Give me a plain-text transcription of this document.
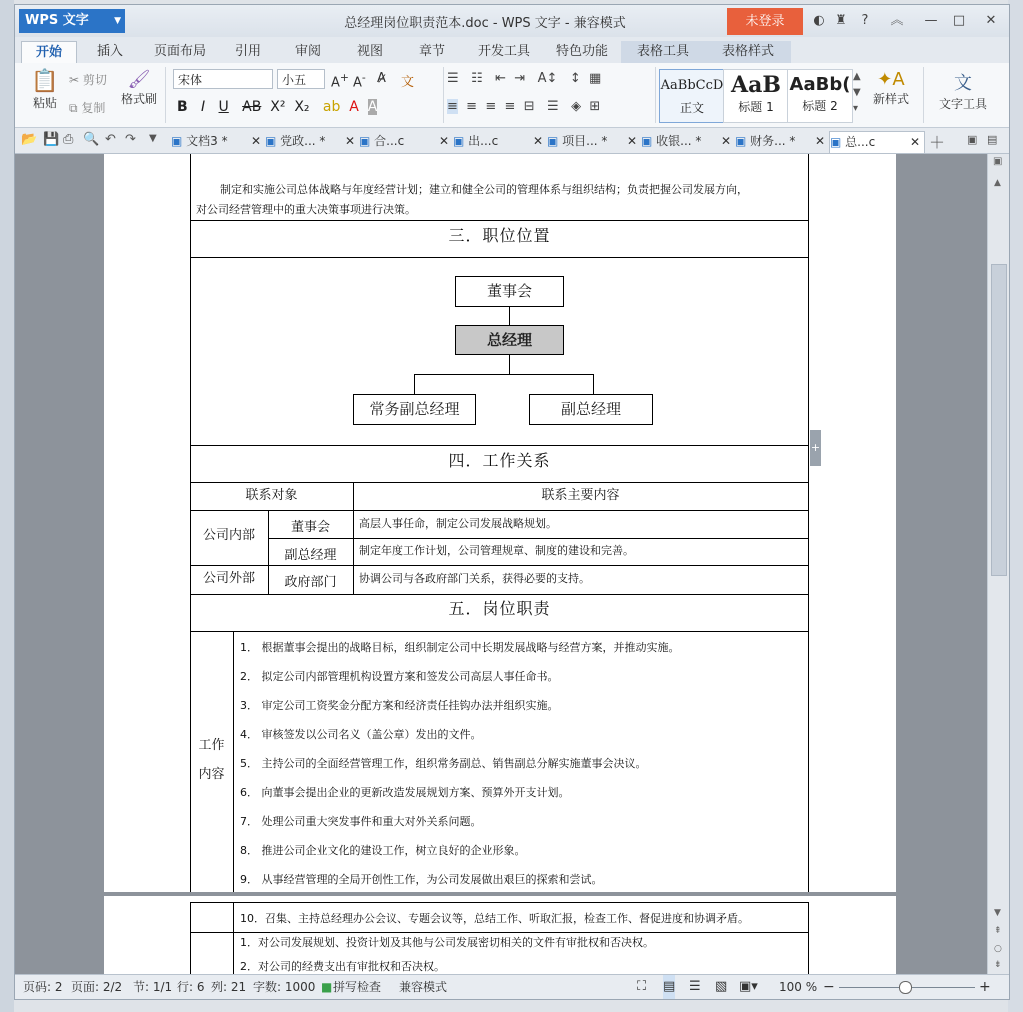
WPS 文字	▼	总经理岗位职责范本.doc - WPS 文字 - 兼容模式	未登录	◐ ♜	?	︽ — □	✕
开始	插入	页面布局	引用	审阅	视图	章节	开发工具	特色功能	表格工具	表格样式
📋
粘贴
✂ 剪切
⧉ 复制
🖌
格式刷
宋体	小五	A+ A- A̷ 文
B I U AB X² X₂ ab A A
☰ ☷ ⇤ ⇥ A↕ ↕ ▦
≡ ≡ ≡ ≡ ⊟ ☰ ◈ ⊞
AaBbCcD
正文
AaB
标题 1
AaBb(
标题 2
▲
▼
▾
✦A
新样式
文
文字工具
📂 💾 ⎙ 🔍 ↶ ↷ ▼ ▣ 文档3 * ✕ ▣ 党政... * ✕ ▣ 合...c	✕ ▣ 出...c	✕ ▣ 项目... * ✕ ▣ 收银... * ✕ ▣ 财务... * ✕ ▣ 总...c	✕ ＋ ▣ ▤
制定和实施公司总体战略与年度经营计划；建立和健全公司的管理体系与组织结构；负责把握公司发展方向，
对公司经营管理中的重大决策事项进行决策。
三．职位位置
董事会
总经理
常务副总经理	副总经理
四．工作关系
联系对象	联系主要内容
公司内部
董事会	高层人事任命，制定公司发展战略规划。
副总经理	制定年度工作计划，公司管理规章、制度的建设和完善。
公司外部	政府部门	协调公司与各政府部门关系，获得必要的支持。
五．岗位职责
工作
内容
1． 根据董事会提出的战略目标，组织制定公司中长期发展战略与经营方案，并推动实施。
2． 拟定公司内部管理机构设置方案和签发公司高层人事任命书。
3． 审定公司工资奖金分配方案和经济责任挂钩办法并组织实施。
4． 审核签发以公司名义（盖公章）发出的文件。
5． 主持公司的全面经营管理工作，组织常务副总、销售副总分解实施董事会决议。
6． 向董事会提出企业的更新改造发展规划方案、预算外开支计划。
7． 处理公司重大突发事件和重大对外关系问题。
8． 推进公司企业文化的建设工作，树立良好的企业形象。
9． 从事经营管理的全局开创性工作，为公司发展做出艰巨的探索和尝试。
10．召集、主持总经理办公会议、专题会议等，总结工作、听取汇报，检查工作、督促进度和协调矛盾。
1．对公司发展规划、投资计划及其他与公司发展密切相关的文件有审批权和否决权。
2．对公司的经费支出有审批权和否决权。
+
▣
▲
▼
⇞
○
⇟
页码: 2 页面: 2/2 节: 1/1 行: 6 列: 21 字数: 1000 ■ 拼写检查 兼容模式	⛶ ▤ ☰ ▧ ▣▾ 100 % −	+
